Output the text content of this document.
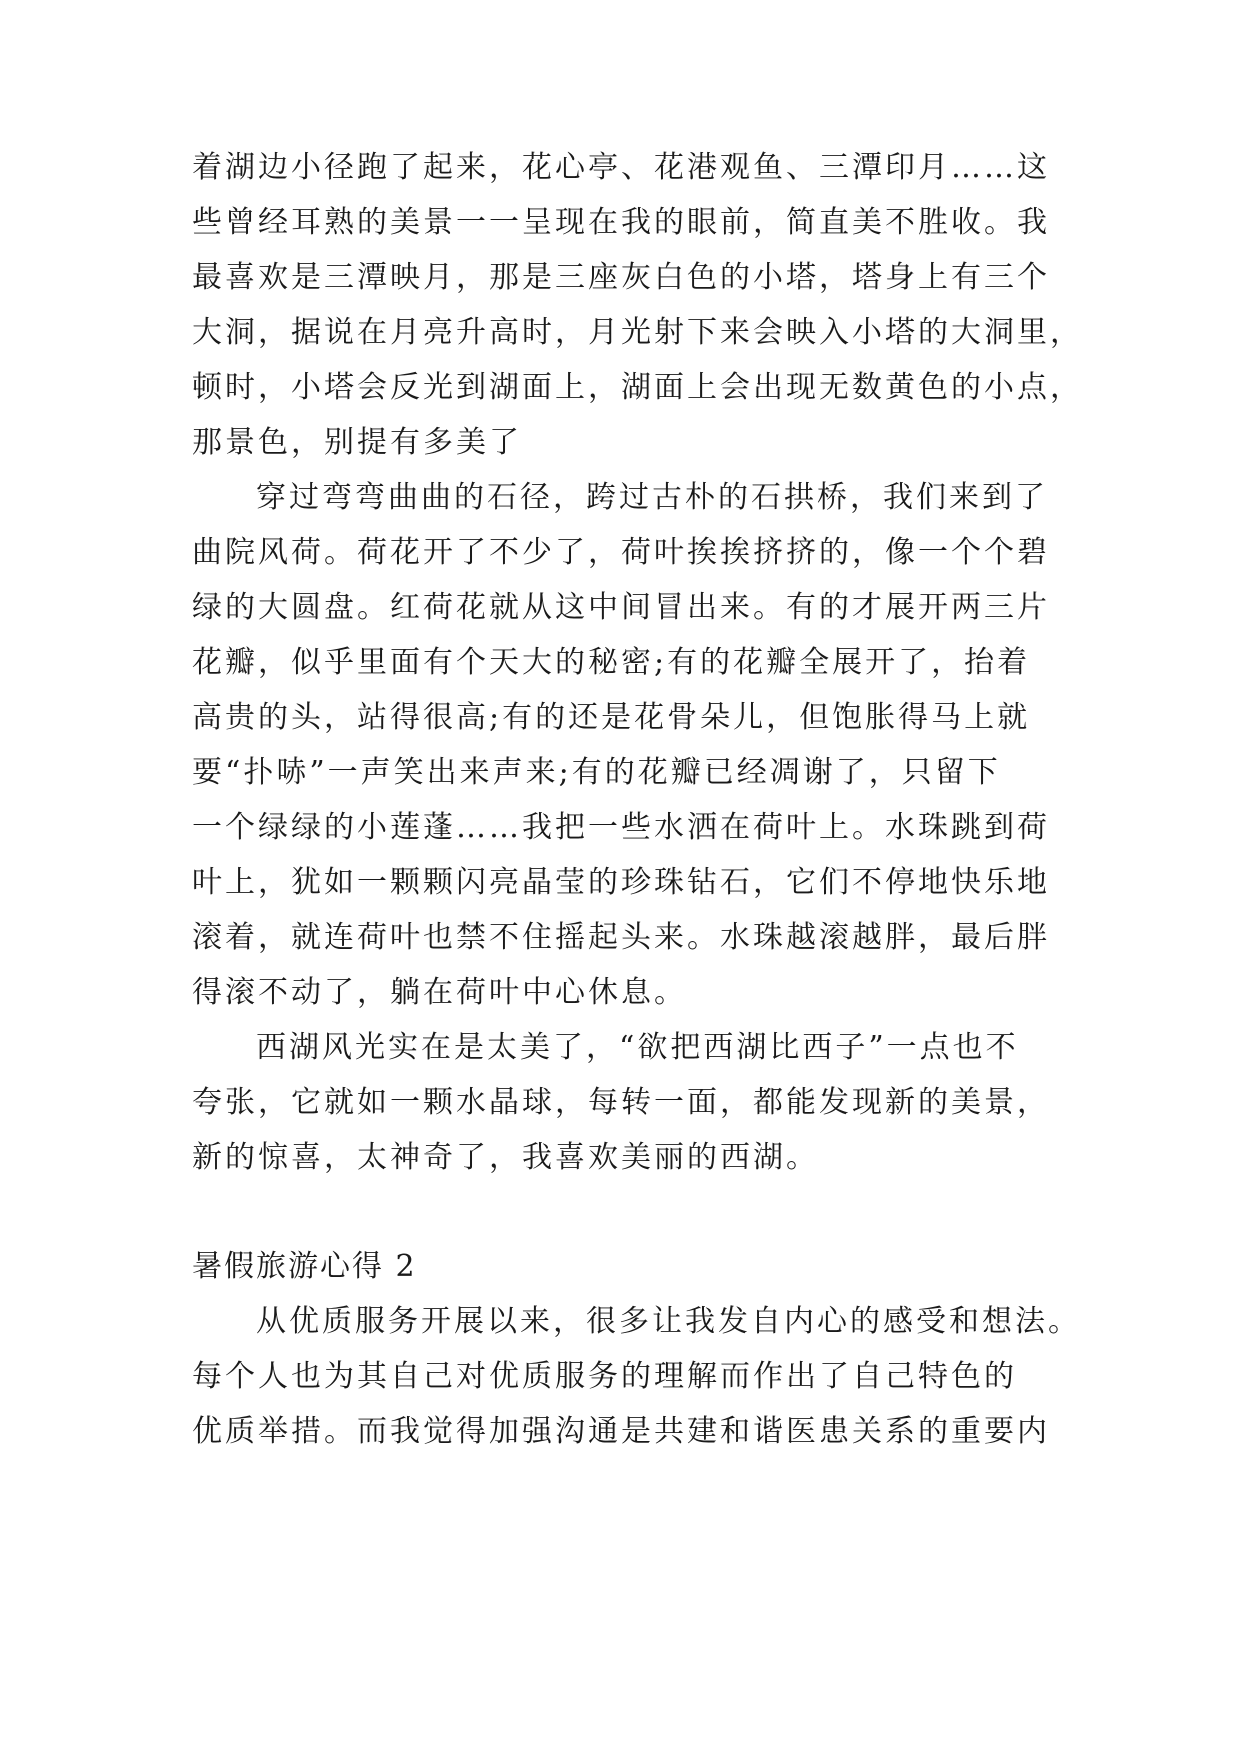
着湖边小径跑了起来，花心亭、花港观鱼、三潭印月……这
些曾经耳熟的美景一一呈现在我的眼前，简直美不胜收。我
最喜欢是三潭映月，那是三座灰白色的小塔，塔身上有三个
大洞，据说在月亮升高时，月光射下来会映入小塔的大洞里，
顿时，小塔会反光到湖面上，湖面上会出现无数黄色的小点，
那景色，别提有多美了
穿过弯弯曲曲的石径，跨过古朴的石拱桥，我们来到了
曲院风荷。荷花开了不少了，荷叶挨挨挤挤的，像一个个碧
绿的大圆盘。红荷花就从这中间冒出来。有的才展开两三片
花瓣，似乎里面有个天大的秘密;有的花瓣全展开了，抬着
高贵的头，站得很高;有的还是花骨朵儿，但饱胀得马上就
要“扑哧”一声笑出来声来;有的花瓣已经凋谢了，只留下
一个绿绿的小莲蓬……我把一些水洒在荷叶上。水珠跳到荷
叶上，犹如一颗颗闪亮晶莹的珍珠钻石，它们不停地快乐地
滚着，就连荷叶也禁不住摇起头来。水珠越滚越胖，最后胖
得滚不动了，躺在荷叶中心休息。
西湖风光实在是太美了，“欲把西湖比西子”一点也不
夸张，它就如一颗水晶球，每转一面，都能发现新的美景，
新的惊喜，太神奇了，我喜欢美丽的西湖。
暑假旅游心得 2
从优质服务开展以来，很多让我发自内心的感受和想法。
每个人也为其自己对优质服务的理解而作出了自己特色的
优质举措。而我觉得加强沟通是共建和谐医患关系的重要内
